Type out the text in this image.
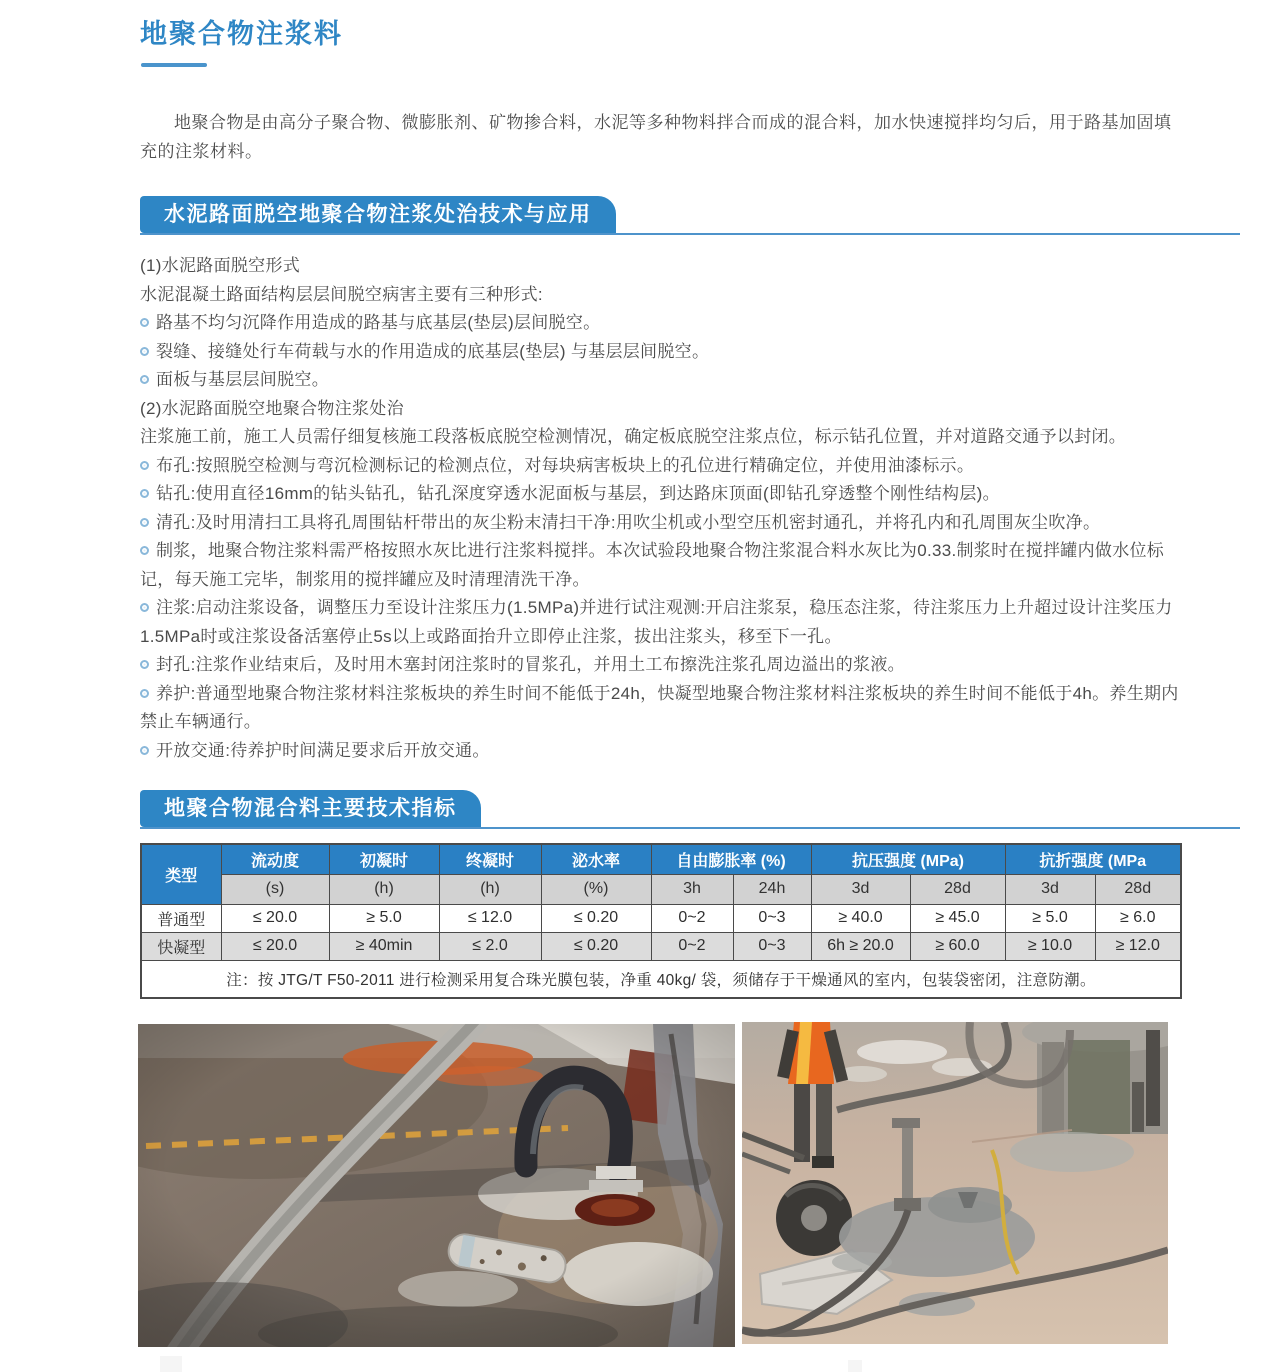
地聚合物注浆料

地聚合物是由高分子聚合物、微膨胀剂、矿物掺合料，水泥等多种物料拌合而成的混合料，加水快速搅拌均匀后，用于路基加固填充的注浆材料。

水泥路面脱空地聚合物注浆处治技术与应用
(1)水泥路面脱空形式
水泥混凝土路面结构层层间脱空病害主要有三种形式:
路基不均匀沉降作用造成的路基与底基层(垫层)层间脱空。
裂缝、接缝处行车荷载与水的作用造成的底基层(垫层) 与基层层间脱空。
面板与基层层间脱空。
(2)水泥路面脱空地聚合物注浆处治
注浆施工前，施工人员需仔细复核施工段落板底脱空检测情况，确定板底脱空注浆点位，标示钻孔位置，并对道路交通予以封闭。
布孔:按照脱空检测与弯沉检测标记的检测点位，对每块病害板块上的孔位进行精确定位，并使用油漆标示。
钻孔:使用直径16mm的钻头钻孔，钻孔深度穿透水泥面板与基层，到达路床顶面(即钻孔穿透整个刚性结构层)。
清孔:及时用清扫工具将孔周围钻杆带出的灰尘粉末清扫干净:用吹尘机或小型空压机密封通孔，并将孔内和孔周围灰尘吹净。
制浆，地聚合物注浆料需严格按照水灰比进行注浆料搅拌。本次试验段地聚合物注浆混合料水灰比为0.33.制浆时在搅拌罐内做水位标记，每天施工完毕，制浆用的搅拌罐应及时清理清洗干净。
注浆:启动注浆设备，调整压力至设计注浆压力(1.5MPa)并进行试注观测:开启注浆泵，稳压态注浆，待注浆压力上升超过设计注奖压力1.5MPa时或注浆设备活塞停止5s以上或路面抬升立即停止注浆，拔出注浆头，移至下一孔。
封孔:注浆作业结束后，及时用木塞封闭注浆时的冒浆孔，并用土工布擦洗注浆孔周边溢出的浆液。
养护:普通型地聚合物注浆材料注浆板块的养生时间不能低于24h，快凝型地聚合物注浆材料注浆板块的养生时间不能低于4h。养生期内禁止车辆通行。
开放交通:待养护时间满足要求后开放交通。
地聚合物混合料主要技术指标
类型	流动度	初凝时	终凝时	泌水率	自由膨胀率 (%)		抗压强度 (MPa)		抗折强度 (MPa	
	(s)	(h)	(h)	(%)	3h	24h	3d	28d	3d	28d
普通型	≤ 20.0	≥ 5.0	≤ 12.0	≤ 0.20	0~2	0~3	≥ 40.0	≥ 45.0	≥ 5.0	≥ 6.0
快凝型	≤ 20.0	≥ 40min	≤ 2.0	≤ 0.20	0~2	0~3	6h ≥ 20.0	≥ 60.0	≥ 10.0	≥ 12.0
注：按 JTG/T F50-2011 进行检测采用复合珠光膜包装，净重 40kg/ 袋，须储存于干燥通风的室内，包装袋密闭，注意防潮。										
